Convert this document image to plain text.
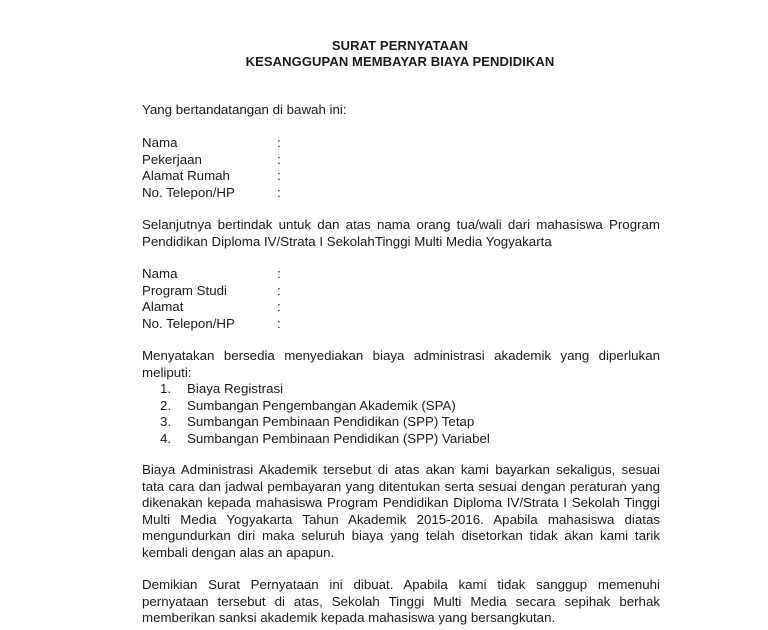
SURAT PERNYATAAN
KESANGGUPAN MEMBAYAR BIAYA PENDIDIKAN
Yang bertandatangan di bawah ini:
Nama	:
Pekerjaan	:
Alamat Rumah	:
No. Telepon/HP	:
Selanjutnya bertindak untuk dan atas nama orang tua/wali dari mahasiswa Program Pendidikan Diploma IV/Strata I SekolahTinggi Multi Media Yogyakarta
Nama	:
Program Studi	:
Alamat	:
No. Telepon/HP	:
Menyatakan bersedia menyediakan biaya administrasi akademik yang diperlukan meliputi:
1.	Biaya Registrasi
2.	Sumbangan Pengembangan Akademik (SPA)
3.	Sumbangan Pembinaan Pendidikan (SPP) Tetap
4.	Sumbangan Pembinaan Pendidikan (SPP) Variabel
Biaya Administrasi Akademik tersebut di atas akan kami bayarkan sekaligus, sesuai tata cara dan jadwal pembayaran yang ditentukan serta sesuai dengan peraturan yang dikenakan kepada mahasiswa Program Pendidikan Diploma IV/Strata I Sekolah Tinggi Multi Media Yogyakarta Tahun Akademik 2015-2016. Apabila mahasiswa diatas mengundurkan diri maka seluruh biaya yang telah disetorkan tidak akan kami tarik kembali dengan alas an apapun.
Demikian Surat Pernyataan ini dibuat. Apabila kami tidak sanggup memenuhi pernyataan tersebut di atas, Sekolah Tinggi Multi Media secara sepihak berhak memberikan sanksi akademik kepada mahasiswa yang bersangkutan.
